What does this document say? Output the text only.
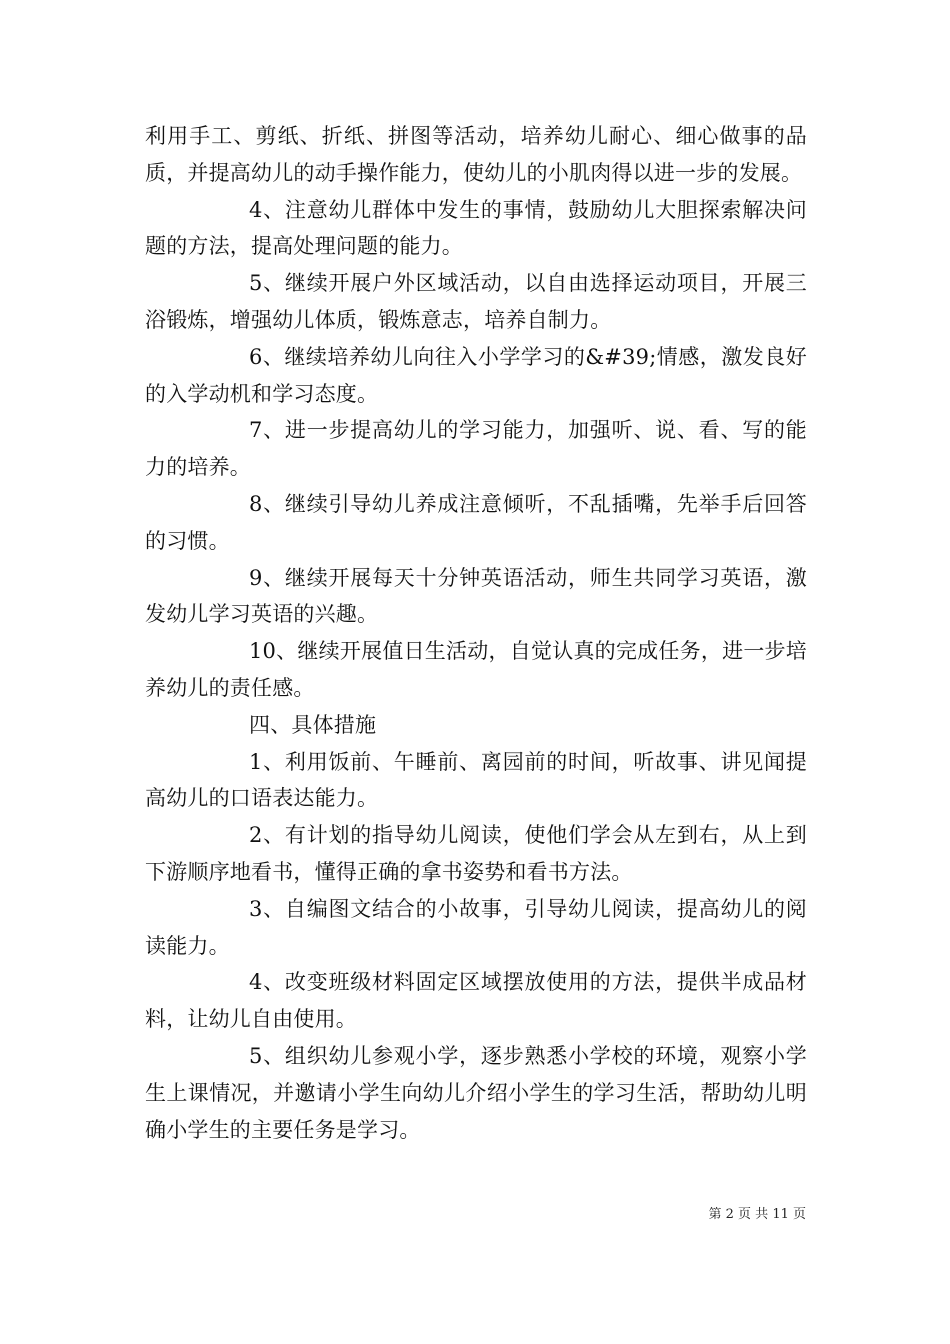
利用手工、剪纸、折纸、拼图等活动，培养幼儿耐心、细心做事的品质，并提高幼儿的动手操作能力，使幼儿的小肌肉得以进一步的发展。

4、注意幼儿群体中发生的事情，鼓励幼儿大胆探索解决问题的方法，提高处理问题的能力。

5、继续开展户外区域活动，以自由选择运动项目，开展三浴锻炼，增强幼儿体质，锻炼意志，培养自制力。

6、继续培养幼儿向往入小学学习的&#39;情感，激发良好的入学动机和学习态度。

7、进一步提高幼儿的学习能力，加强听、说、看、写的能力的培养。

8、继续引导幼儿养成注意倾听，不乱插嘴，先举手后回答的习惯。

9、继续开展每天十分钟英语活动，师生共同学习英语，激发幼儿学习英语的兴趣。

10、继续开展值日生活动，自觉认真的完成任务，进一步培养幼儿的责任感。

四、具体措施

1、利用饭前、午睡前、离园前的时间，听故事、讲见闻提高幼儿的口语表达能力。

2、有计划的指导幼儿阅读，使他们学会从左到右，从上到下游顺序地看书，懂得正确的拿书姿势和看书方法。

3、自编图文结合的小故事，引导幼儿阅读，提高幼儿的阅读能力。

4、改变班级材料固定区域摆放使用的方法，提供半成品材料，让幼儿自由使用。

5、组织幼儿参观小学，逐步熟悉小学校的环境，观察小学生上课情况，并邀请小学生向幼儿介绍小学生的学习生活，帮助幼儿明确小学生的主要任务是学习。

第 2 页 共 11 页
